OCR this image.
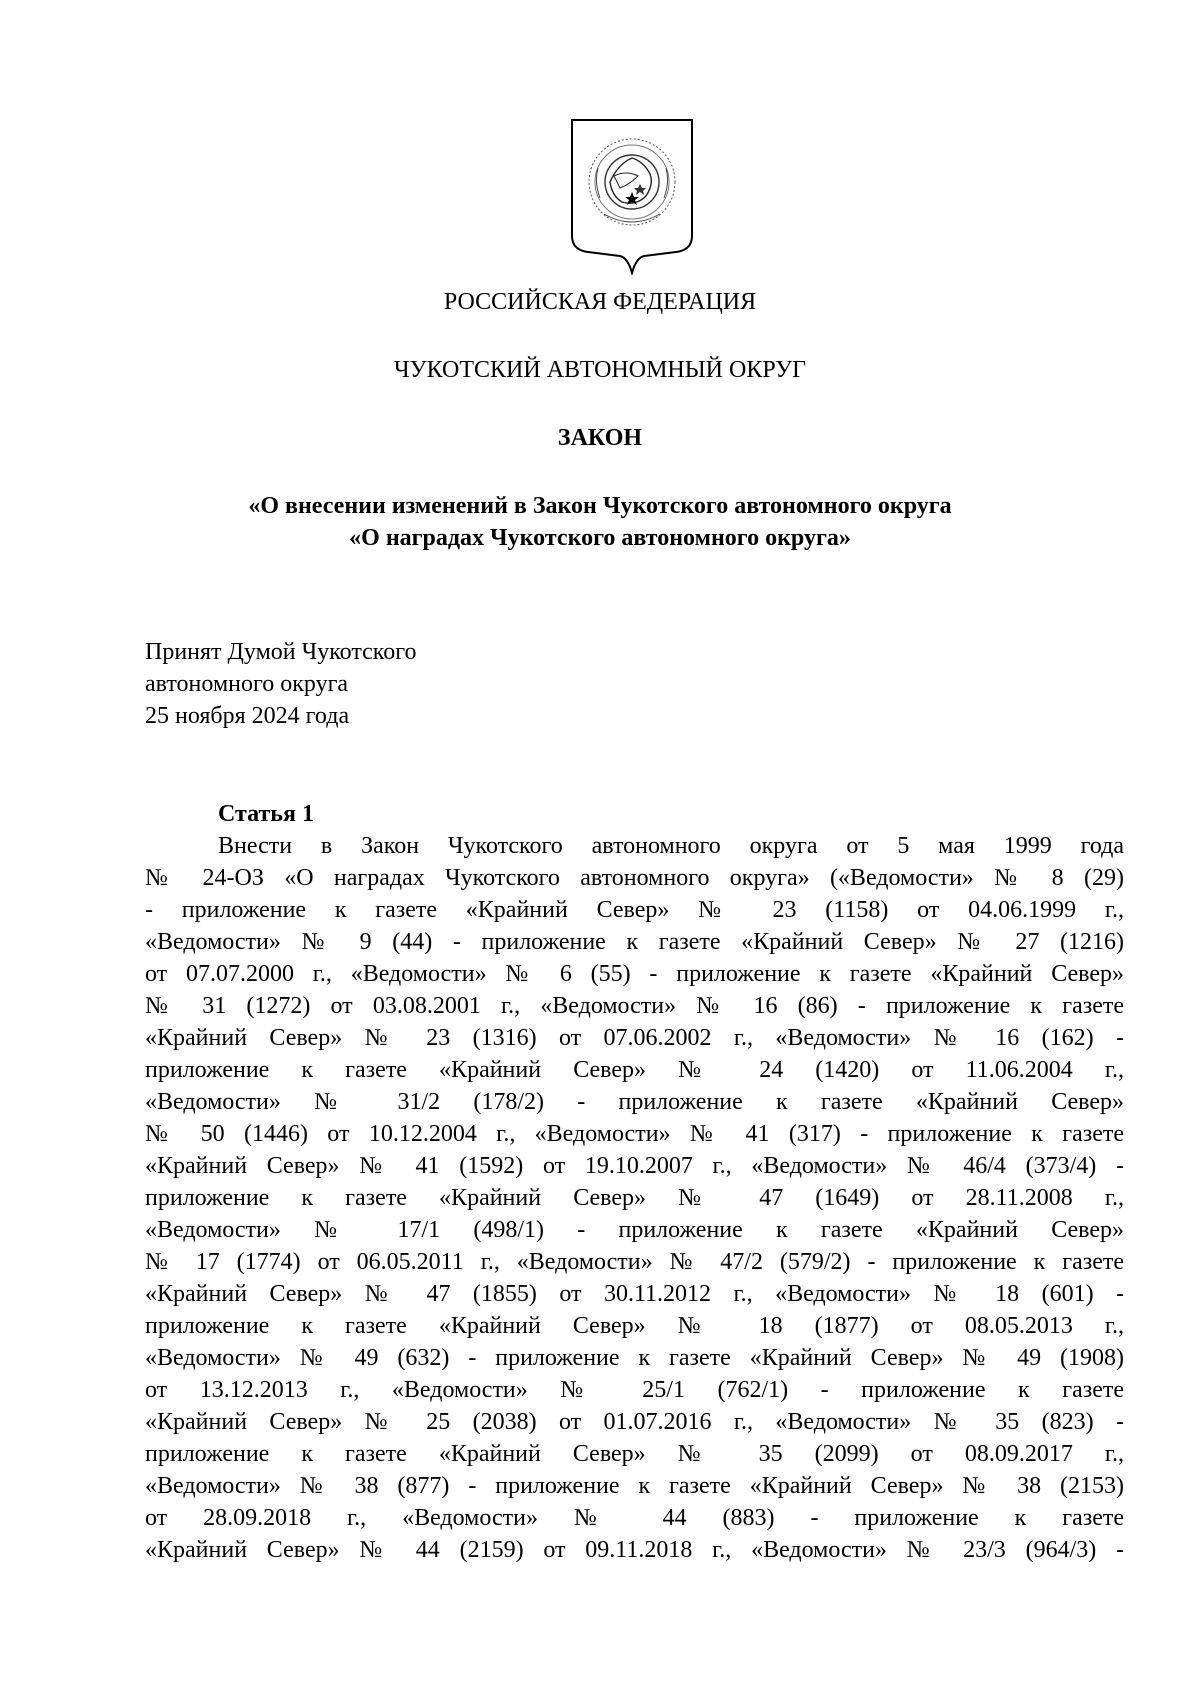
РОССИЙСКАЯ ФЕДЕРАЦИЯ
ЧУКОТСКИЙ АВТОНОМНЫЙ ОКРУГ
ЗАКОН
«О внесении изменений в Закон Чукотского автономного округа
«О наградах Чукотского автономного округа»
Принят Думой Чукотского
автономного округа
25 ноября 2024 года
Статья 1
Внести в Закон Чукотского автономного округа от 5 мая 1999 года
№ 24-ОЗ «О наградах Чукотского автономного округа» («Ведомости» № 8 (29)
- приложение к газете «Крайний Север» № 23 (1158) от 04.06.1999 г.,
«Ведомости» № 9 (44) - приложение к газете «Крайний Север» № 27 (1216)
от 07.07.2000 г., «Ведомости» № 6 (55) - приложение к газете «Крайний Север»
№ 31 (1272) от 03.08.2001 г., «Ведомости» № 16 (86) - приложение к газете
«Крайний Север» № 23 (1316) от 07.06.2002 г., «Ведомости» № 16 (162) -
приложение к газете «Крайний Север» № 24 (1420) от 11.06.2004 г.,
«Ведомости» № 31/2 (178/2) - приложение к газете «Крайний Север»
№ 50 (1446) от 10.12.2004 г., «Ведомости» № 41 (317) - приложение к газете
«Крайний Север» № 41 (1592) от 19.10.2007 г., «Ведомости» № 46/4 (373/4) -
приложение к газете «Крайний Север» № 47 (1649) от 28.11.2008 г.,
«Ведомости» № 17/1 (498/1) - приложение к газете «Крайний Север»
№ 17 (1774) от 06.05.2011 г., «Ведомости» № 47/2 (579/2) - приложение к газете
«Крайний Север» № 47 (1855) от 30.11.2012 г., «Ведомости» № 18 (601) -
приложение к газете «Крайний Север» № 18 (1877) от 08.05.2013 г.,
«Ведомости» № 49 (632) - приложение к газете «Крайний Север» № 49 (1908)
от 13.12.2013 г., «Ведомости» № 25/1 (762/1) - приложение к газете
«Крайний Север» № 25 (2038) от 01.07.2016 г., «Ведомости» № 35 (823) -
приложение к газете «Крайний Север» № 35 (2099) от 08.09.2017 г.,
«Ведомости» № 38 (877) - приложение к газете «Крайний Север» № 38 (2153)
от 28.09.2018 г., «Ведомости» № 44 (883) - приложение к газете
«Крайний Север» № 44 (2159) от 09.11.2018 г., «Ведомости» № 23/3 (964/3) -
